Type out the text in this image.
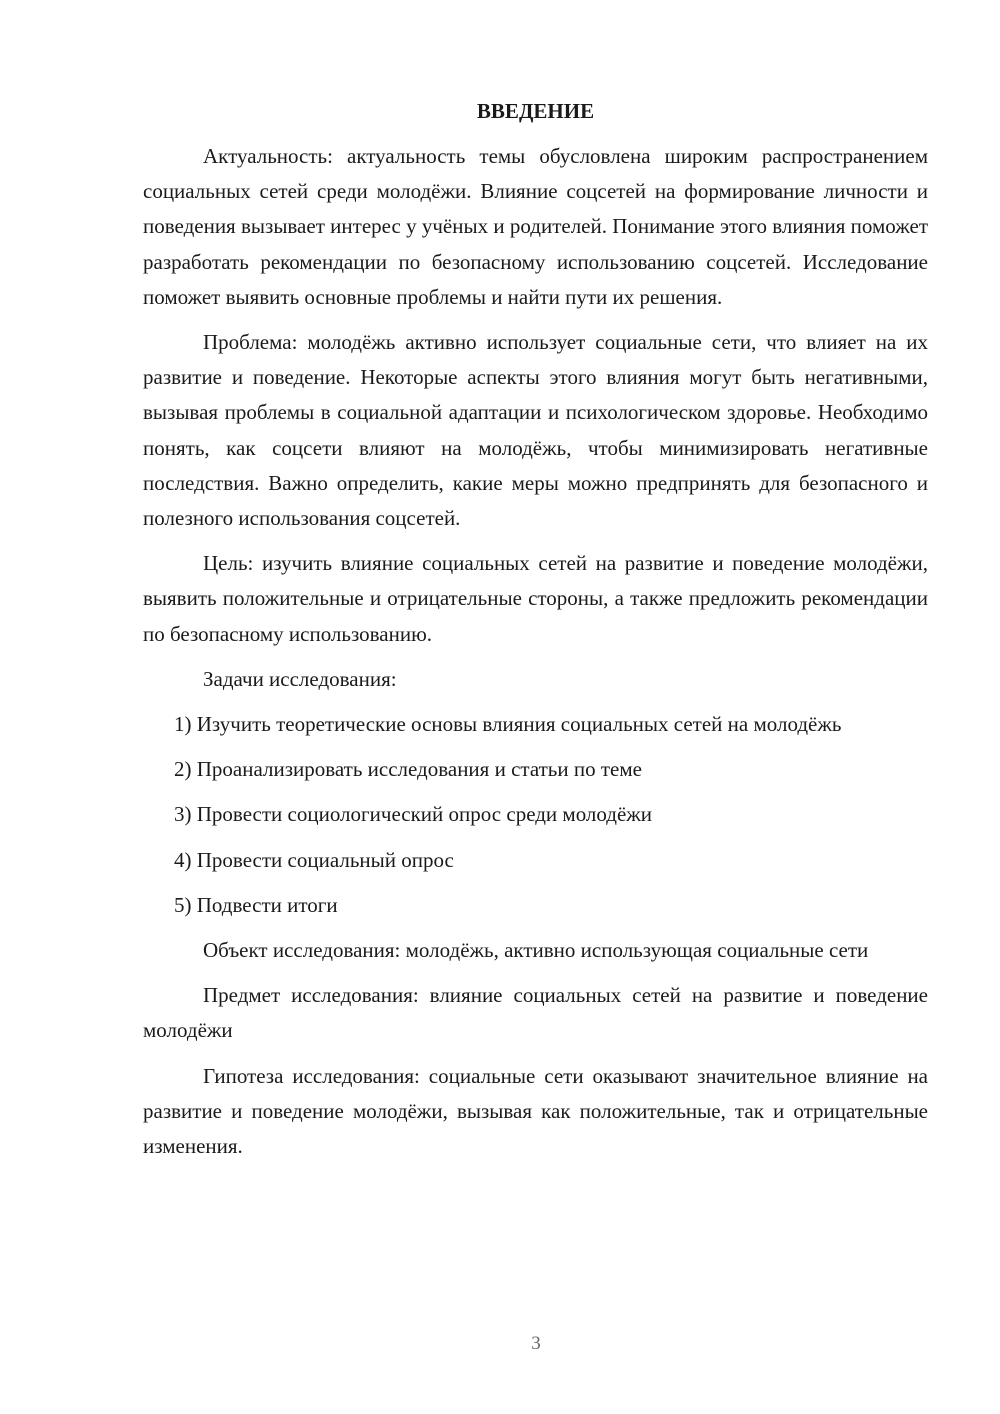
ВВЕДЕНИЕ

Актуальность: актуальность темы обусловлена широким распространением социальных сетей среди молодёжи. Влияние соцсетей на формирование личности и поведения вызывает интерес у учёных и родителей. Понимание этого влияния поможет разработать рекомендации по безопасному использованию соцсетей. Исследование поможет выявить основные проблемы и найти пути их решения.

Проблема: молодёжь активно использует социальные сети, что влияет на их развитие и поведение. Некоторые аспекты этого влияния могут быть негативными, вызывая проблемы в социальной адаптации и психологическом здоровье. Необходимо понять, как соцсети влияют на молодёжь, чтобы минимизировать негативные последствия. Важно определить, какие меры можно предпринять для безопасного и полезного использования соцсетей.

Цель: изучить влияние социальных сетей на развитие и поведение молодёжи, выявить положительные и отрицательные стороны, а также предложить рекомендации по безопасному использованию.

Задачи исследования:

1) Изучить теоретические основы влияния социальных сетей на молодёжь

2) Проанализировать исследования и статьи по теме

3) Провести социологический опрос среди молодёжи

4) Провести социальный опрос

5) Подвести итоги

Объект исследования: молодёжь, активно использующая социальные сети

Предмет исследования: влияние социальных сетей на развитие и поведение молодёжи

Гипотеза исследования: социальные сети оказывают значительное влияние на развитие и поведение молодёжи, вызывая как положительные, так и отрицательные изменения.

3
